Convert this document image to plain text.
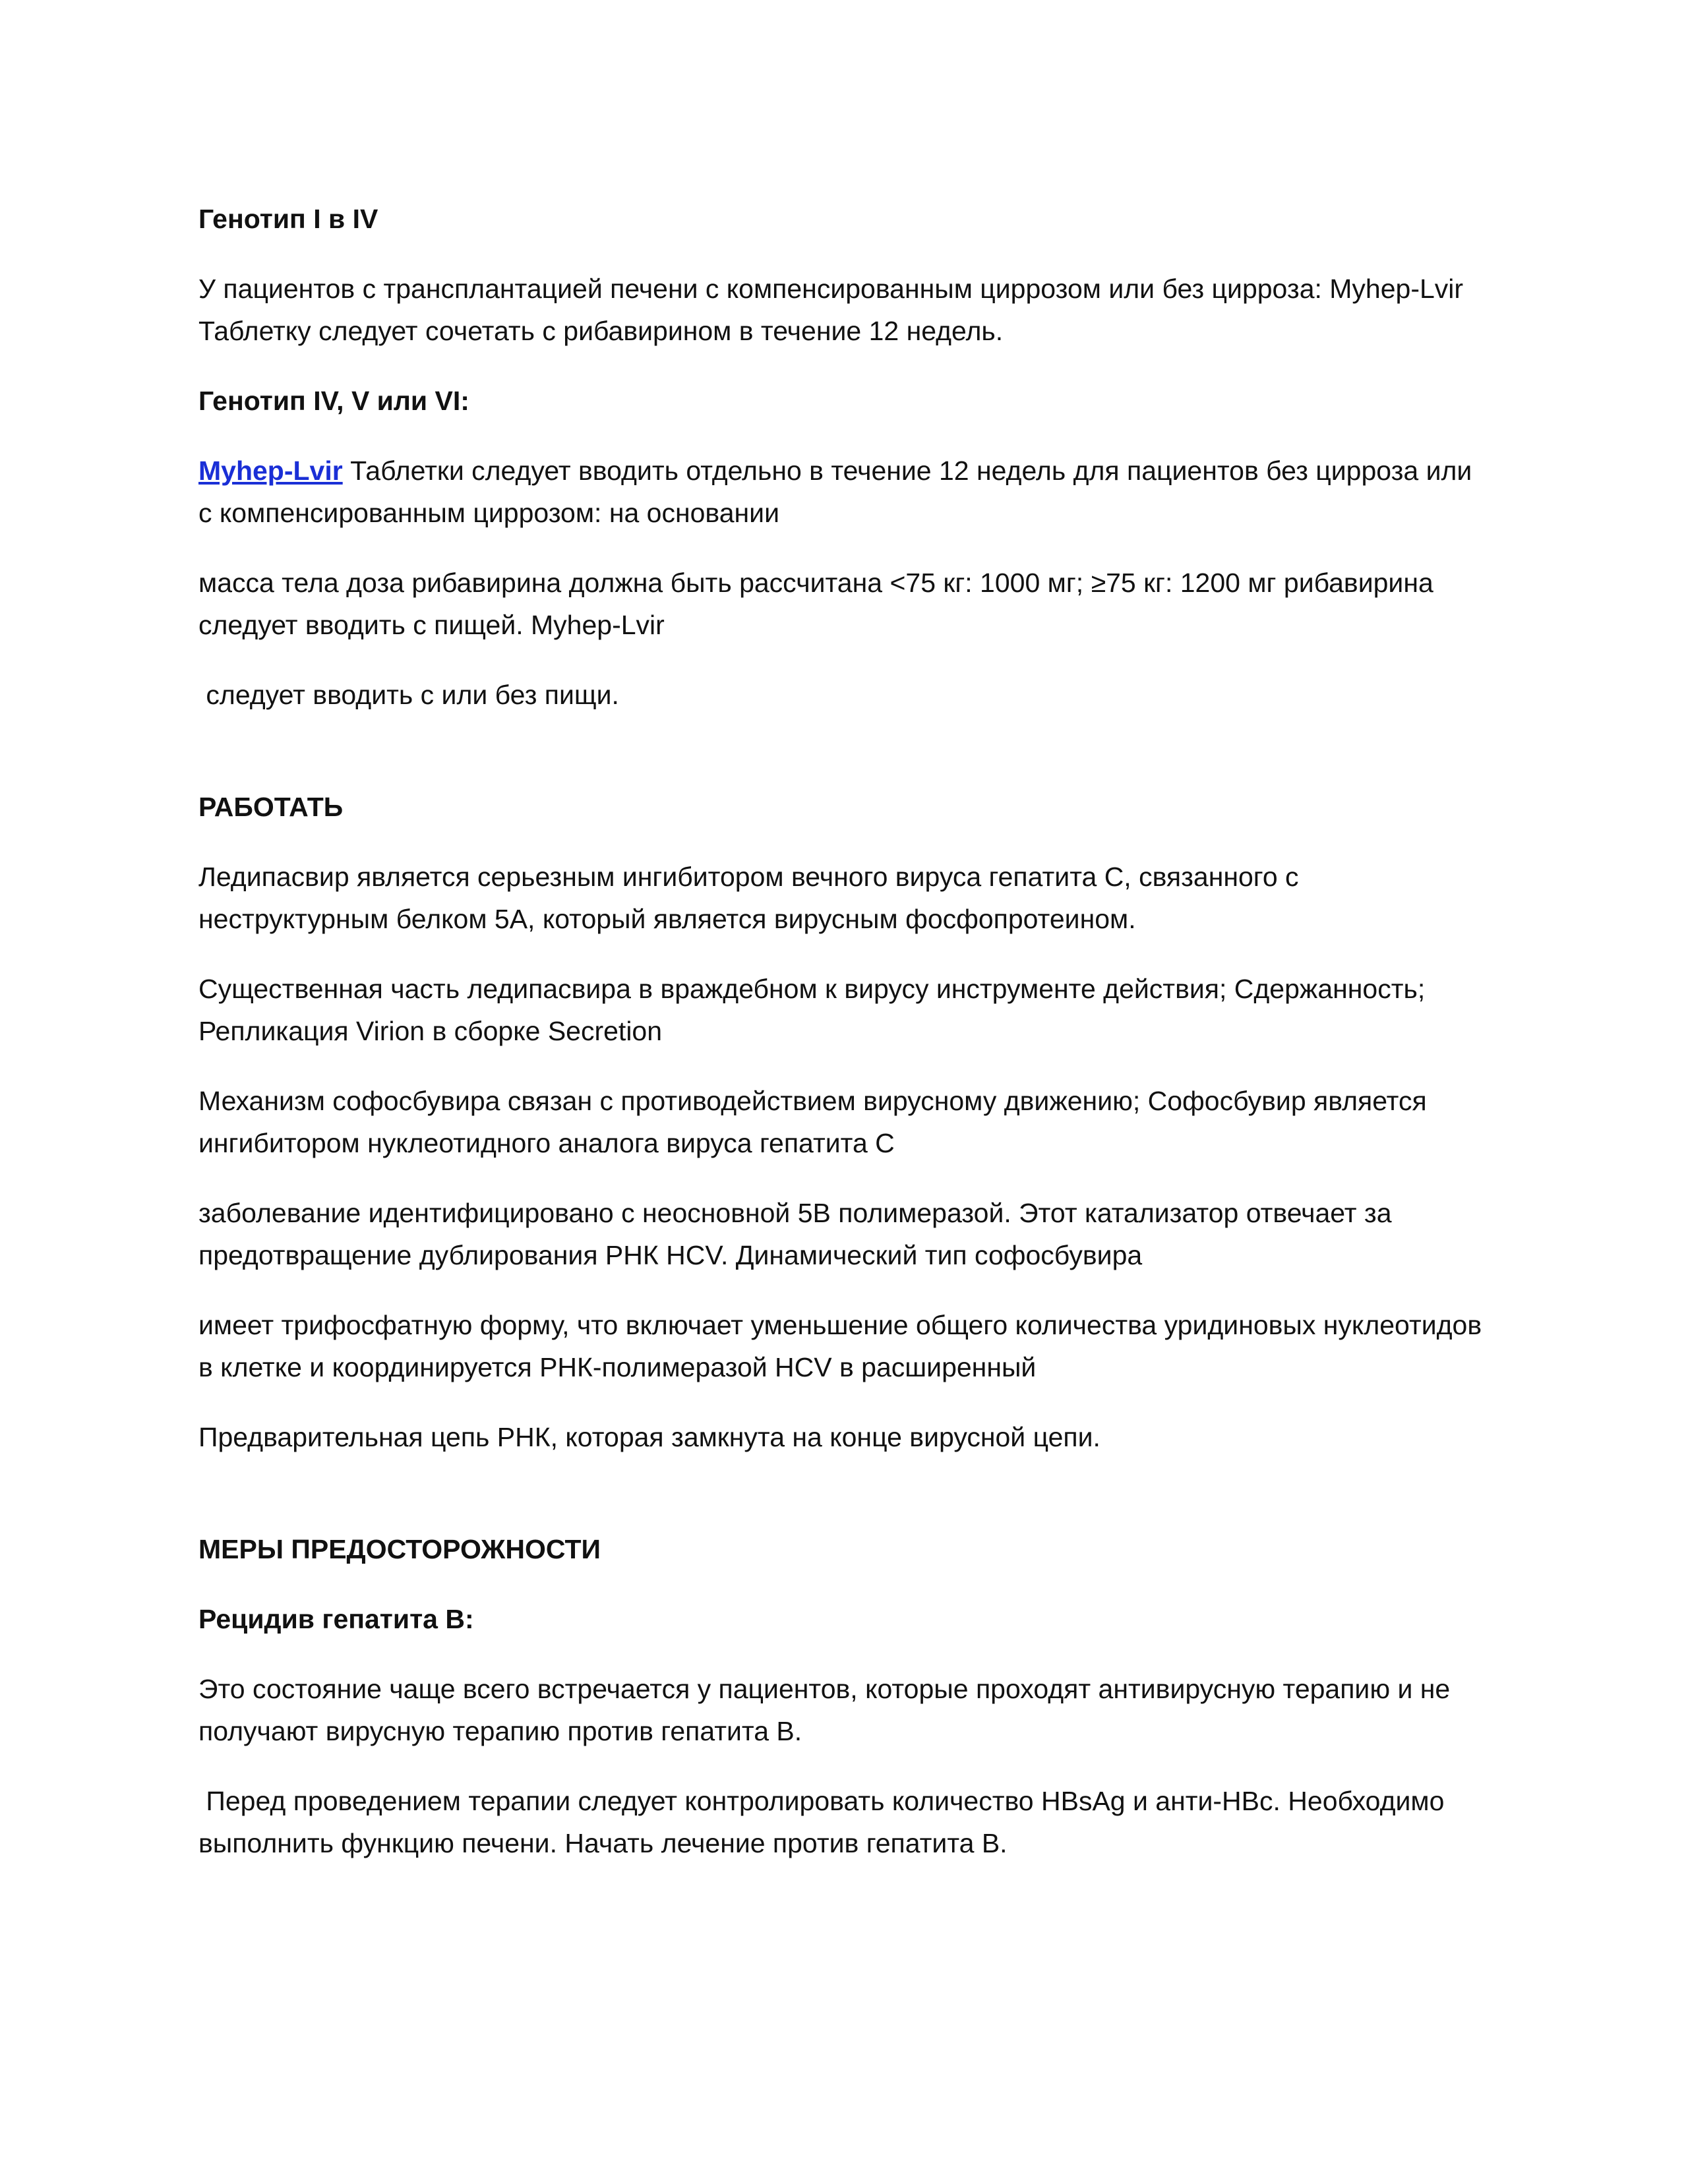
Генотип I в IV
У пациентов с трансплантацией печени с компенсированным циррозом или без цирроза: Myhep-Lvir Таблетку следует сочетать с рибавирином в течение 12 недель.
Генотип IV, V или VI:
Myhep-Lvir Таблетки следует вводить отдельно в течение 12 недель для пациентов без цирроза или с компенсированным циррозом: на основании
масса тела доза рибавирина должна быть рассчитана <75 кг: 1000 мг; ≥75 кг: 1200 мг рибавирина следует вводить с пищей. Myhep-Lvir
следует вводить с или без пищи.
РАБОТАТЬ
Ледипасвир является серьезным ингибитором вечного вируса гепатита С, связанного с неструктурным белком 5А, который является вирусным фосфопротеином.
Существенная часть ледипасвира в враждебном к вирусу инструменте действия; Сдержанность; Репликация Virion в сборке Secretion
Механизм софосбувира связан с противодействием вирусному движению; Софосбувир является ингибитором нуклеотидного аналога вируса гепатита С
заболевание идентифицировано с неосновной 5В полимеразой. Этот катализатор отвечает за предотвращение дублирования РНК HCV. Динамический тип софосбувира
имеет трифосфатную форму, что включает уменьшение общего количества уридиновых нуклеотидов в клетке и координируется РНК-полимеразой HCV в расширенный
Предварительная цепь РНК, которая замкнута на конце вирусной цепи.
МЕРЫ ПРЕДОСТОРОЖНОСТИ
Рецидив гепатита В:
Это состояние чаще всего встречается у пациентов, которые проходят антивирусную терапию и не получают вирусную терапию против гепатита В.
Перед проведением терапии следует контролировать количество HBsAg и анти-HBc. Необходимо выполнить функцию печени. Начать лечение против гепатита В.
